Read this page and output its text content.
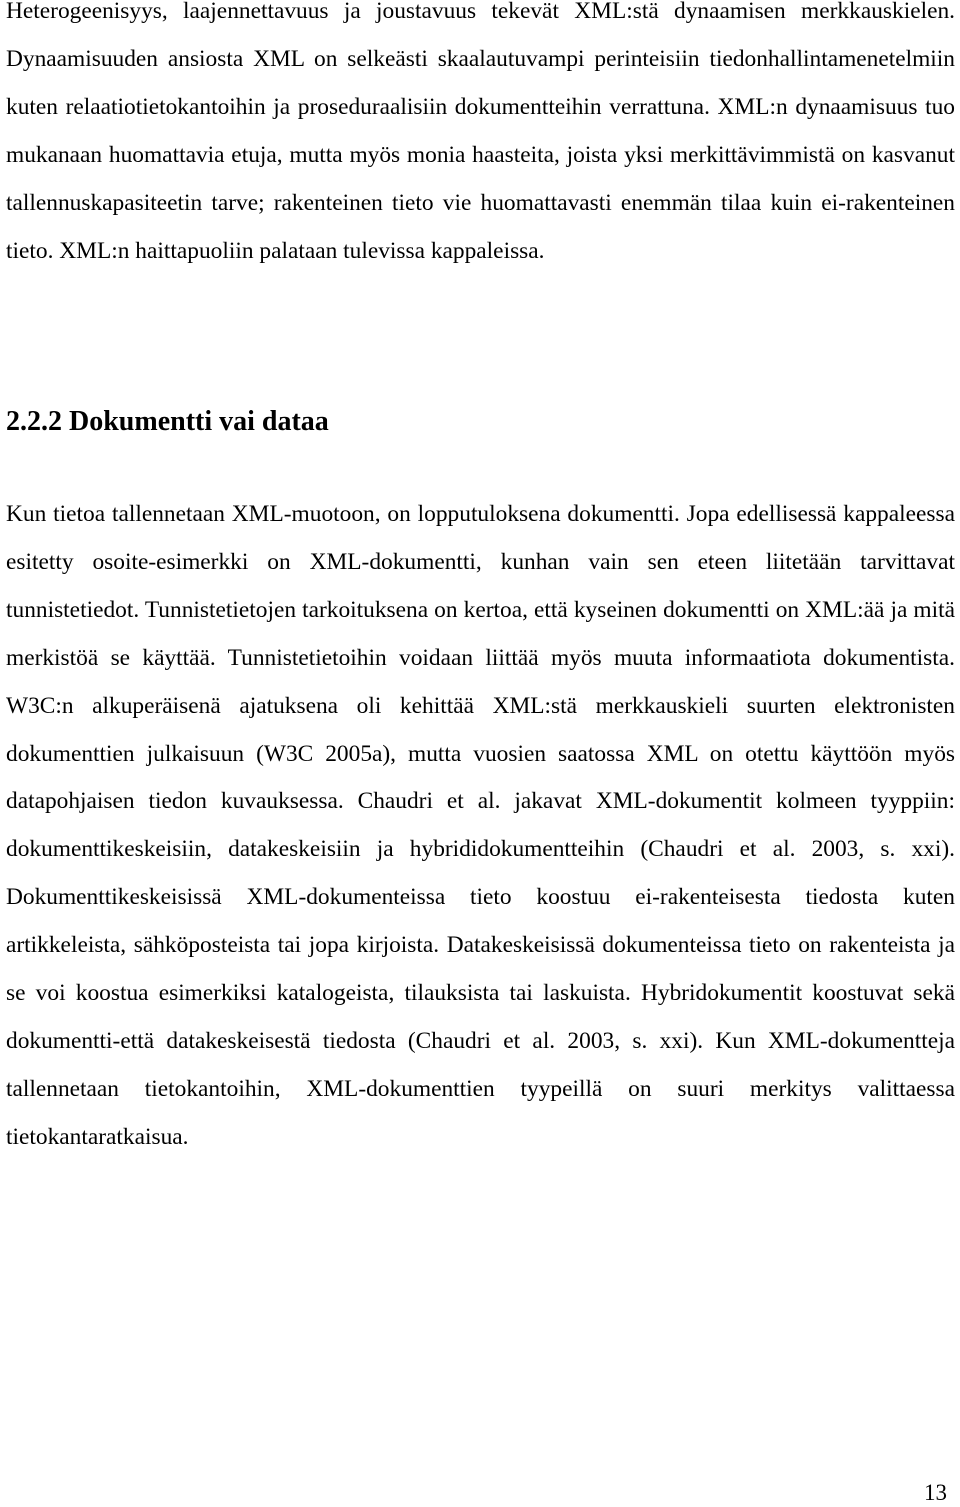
Heterogeenisyys, laajennettavuus ja joustavuus tekevät XML:stä dynaamisen merkkauskielen. Dynaamisuuden ansiosta XML on selkeästi skaalautuvampi perinteisiin tiedonhallintamenetelmiin kuten relaatiotietokantoihin ja proseduraalisiin dokumentteihin verrattuna. XML:n dynaamisuus tuo mukanaan huomattavia etuja, mutta myös monia haasteita, joista yksi merkittävimmistä on kasvanut tallennuskapasiteetin tarve; rakenteinen tieto vie huomattavasti enemmän tilaa kuin ei-rakenteinen tieto. XML:n haittapuoliin palataan tulevissa kappaleissa.

2.2.2 Dokumentti vai dataa

Kun tietoa tallennetaan XML-muotoon, on lopputuloksena dokumentti. Jopa edellisessä kappaleessa esitetty osoite-esimerkki on XML-dokumentti, kunhan vain sen eteen liitetään tarvittavat tunnistetiedot. Tunnistetietojen tarkoituksena on kertoa, että kyseinen dokumentti on XML:ää ja mitä merkistöä se käyttää. Tunnistetietoihin voidaan liittää myös muuta informaatiota dokumentista. W3C:n alkuperäisenä ajatuksena oli kehittää XML:stä merkkauskieli suurten elektronisten dokumenttien julkaisuun (W3C 2005a), mutta vuosien saatossa XML on otettu käyttöön myös datapohjaisen tiedon kuvauksessa. Chaudri et al. jakavat XML-dokumentit kolmeen tyyppiin: dokumenttikeskeisiin, datakeskeisiin ja hybrididokumentteihin (Chaudri et al. 2003, s. xxi). Dokumenttikeskeisissä XML-dokumenteissa tieto koostuu ei-rakenteisesta tiedosta kuten artikkeleista, sähköposteista tai jopa kirjoista. Datakeskeisissä dokumenteissa tieto on rakenteista ja se voi koostua esimerkiksi katalogeista, tilauksista tai laskuista. Hybridokumentit koostuvat sekä dokumentti-että datakeskeisestä tiedosta (Chaudri et al. 2003, s. xxi). Kun XML-dokumentteja tallennetaan tietokantoihin, XML-dokumenttien tyypeillä on suuri merkitys valittaessa tietokantaratkaisua.

13
